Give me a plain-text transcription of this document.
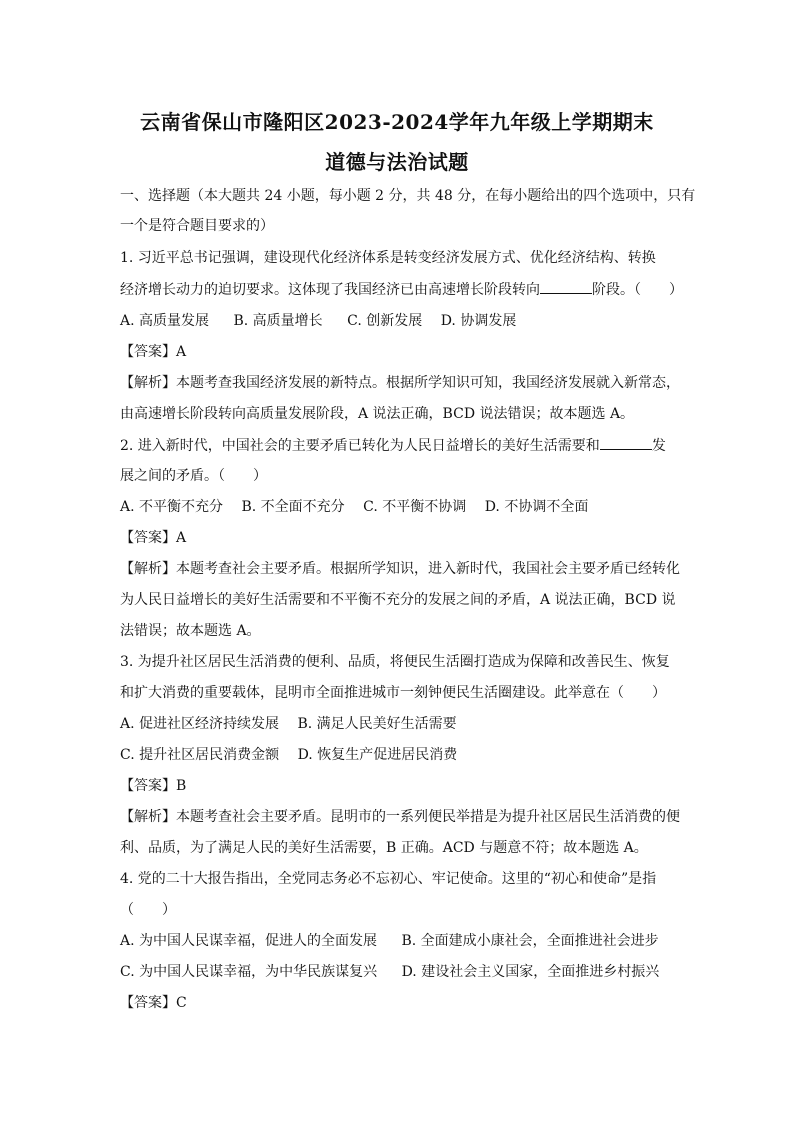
云南省保山市隆阳区2023-2024学年九年级上学期期末
道德与法治试题
一、选择题（本大题共 24 小题，每小题 2 分，共 48 分，在每小题给出的四个选项中，只有
一个是符合题目要求的）
1. 习近平总书记强调，建设现代化经济体系是转变经济发展方式、优化经济结构、转换
经济增长动力的迫切要求。这体现了我国经济已由高速增长阶段转向	阶段。（　　）
A. 高质量发展 B. 高质量增长 C. 创新发展 D. 协调发展
【答案】A
【解析】本题考查我国经济发展的新特点。根据所学知识可知，我国经济发展就入新常态，
由高速增长阶段转向高质量发展阶段，A 说法正确，BCD 说法错误；故本题选 A。
2. 进入新时代，中国社会的主要矛盾已转化为人民日益增长的美好生活需要和	发
展之间的矛盾。（　　）
A. 不平衡不充分 B. 不全面不充分 C. 不平衡不协调 D. 不协调不全面
【答案】A
【解析】本题考查社会主要矛盾。根据所学知识，进入新时代，我国社会主要矛盾已经转化
为人民日益增长的美好生活需要和不平衡不充分的发展之间的矛盾，A 说法正确，BCD 说
法错误；故本题选 A。
3. 为提升社区居民生活消费的便利、品质，将便民生活圈打造成为保障和改善民生、恢复
和扩大消费的重要载体，昆明市全面推进城市一刻钟便民生活圈建设。此举意在（　　）
A. 促进社区经济持续发展 B. 满足人民美好生活需要
C. 提升社区居民消费金额 D. 恢复生产促进居民消费
【答案】B
【解析】本题考查社会主要矛盾。昆明市的一系列便民举措是为提升社区居民生活消费的便
利、品质，为了满足人民的美好生活需要，B 正确。ACD 与题意不符；故本题选 A。
4. 党的二十大报告指出，全党同志务必不忘初心、牢记使命。这里的“初心和使命”是指
（　　）
A. 为中国人民谋幸福，促进人的全面发展 B. 全面建成小康社会，全面推进社会进步
C. 为中国人民谋幸福，为中华民族谋复兴 D. 建设社会主义国家，全面推进乡村振兴
【答案】C
